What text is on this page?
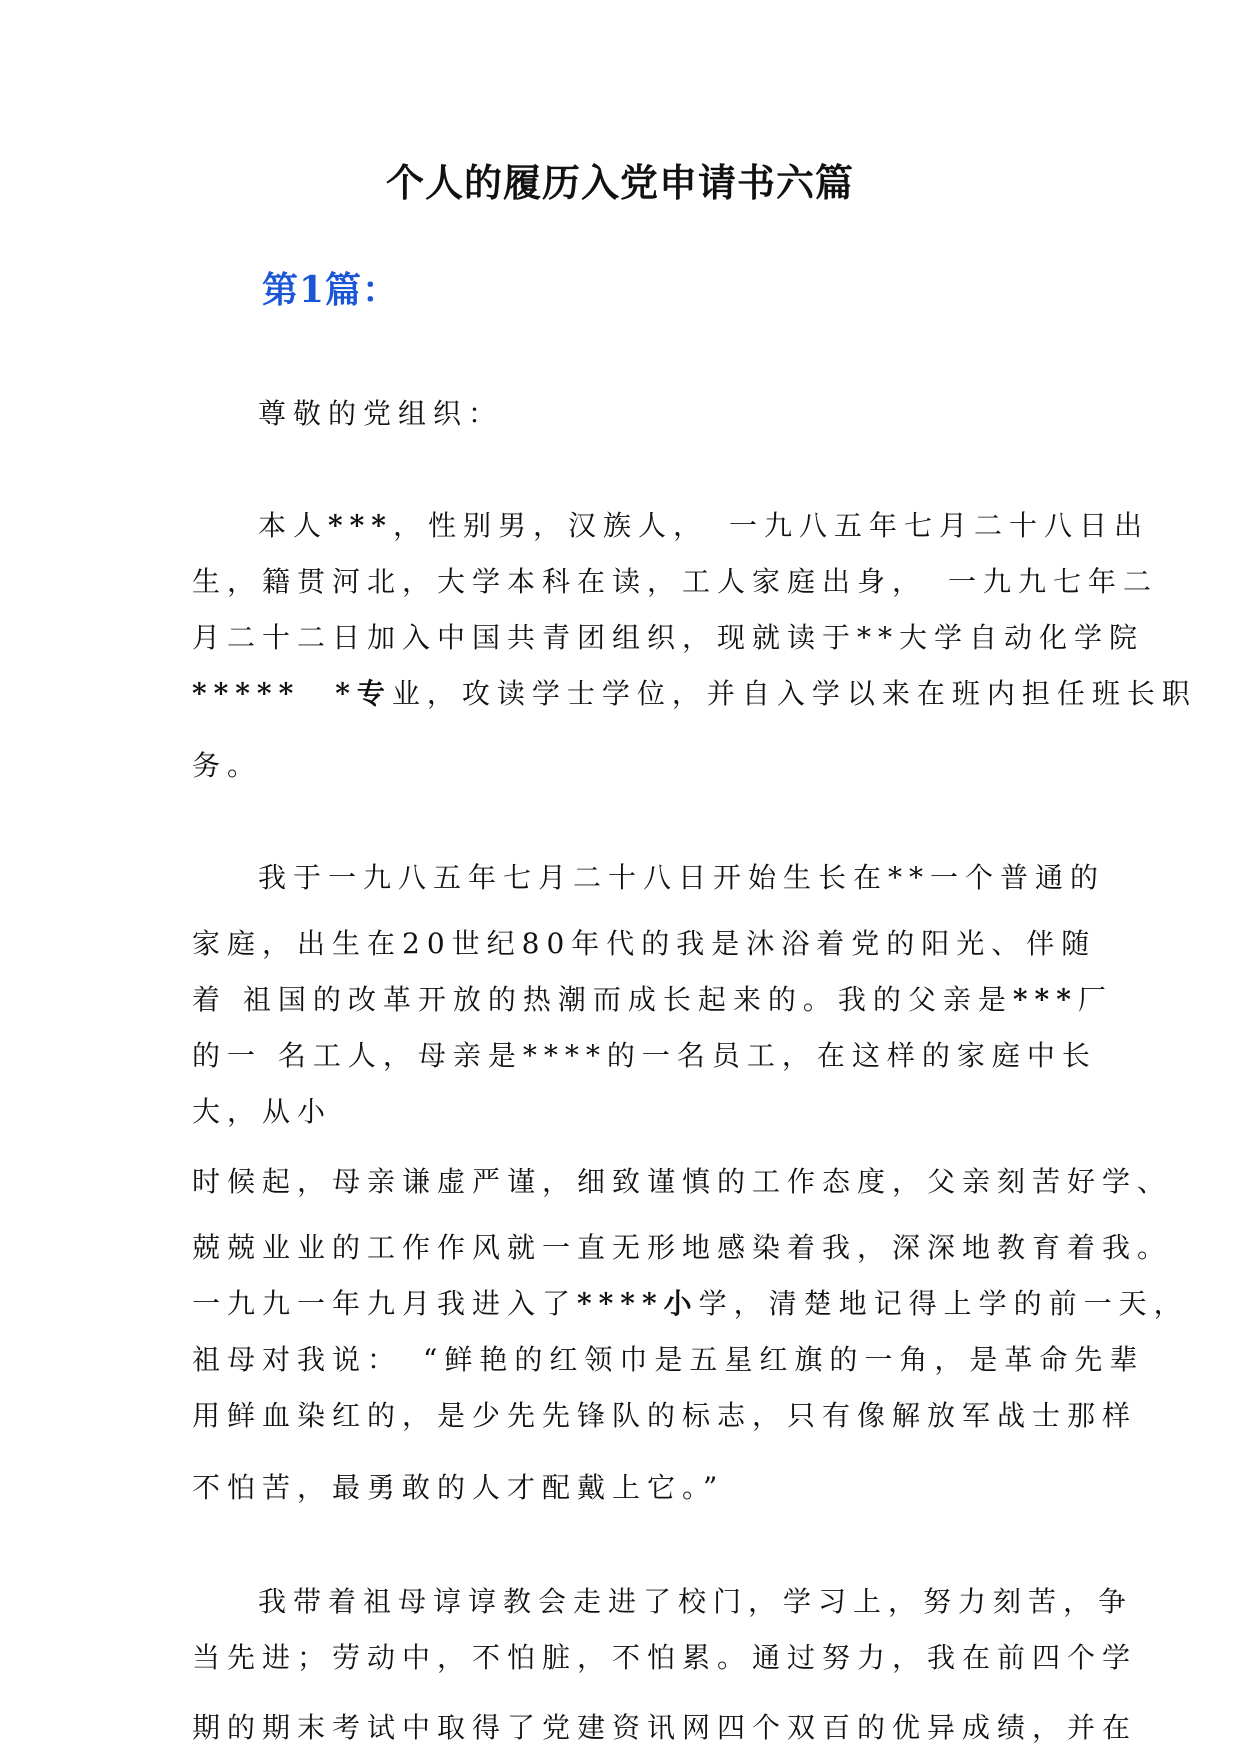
个人的履历入党申请书六篇
第1篇：
尊敬的党组织：
本人***，性别男，汉族人，　一九八五年七月二十八日出
生，籍贯河北，大学本科在读，工人家庭出身，　一九九七年二
月二十二日加入中国共青团组织，现就读于**大学自动化学院
*****　*专业，攻读学士学位，并自入学以来在班内担任班长职
务。
我于一九八五年七月二十八日开始生长在**一个普通的
家庭，出生在20世纪80年代的我是沐浴着党的阳光、伴随
着 祖国的改革开放的热潮而成长起来的。我的父亲是***厂
的一 名工人，母亲是****的一名员工，在这样的家庭中长
大，从小
时候起，母亲谦虚严谨，细致谨慎的工作态度，父亲刻苦好学、
兢兢业业的工作作风就一直无形地感染着我，深深地教育着我。
一九九一年九月我进入了****小学，清楚地记得上学的前一天，
祖母对我说：　“鲜艳的红领巾是五星红旗的一角，是革命先辈
用鲜血染红的，是少先先锋队的标志，只有像解放军战士那样
不怕苦，最勇敢的人才配戴上它。”
我带着祖母谆谆教会走进了校门，学习上，努力刻苦，争
当先进；劳动中，不怕脏，不怕累。通过努力，我在前四个学
期的期末考试中取得了党建资讯网四个双百的优异成绩，并在
